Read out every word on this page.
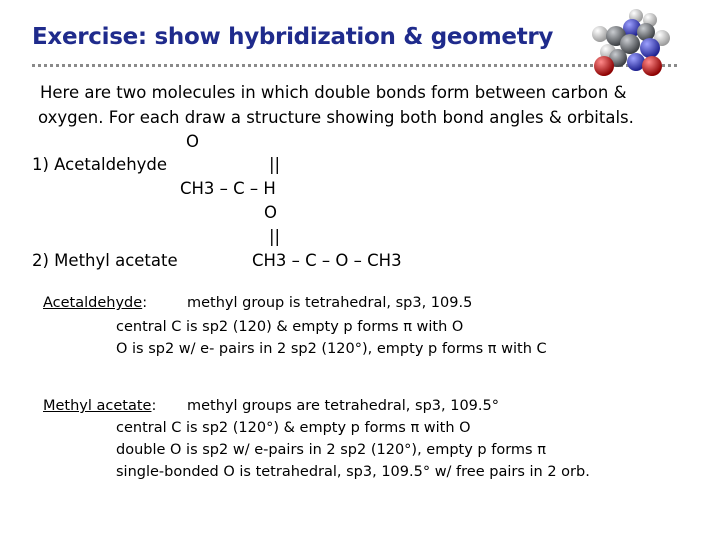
Exercise: show hybridization & geometry
Here are two molecules in which double bonds form between carbon &
oxygen. For each draw a structure showing both bond angles & orbitals.
O
1) Acetaldehyde	||
CH3 – C – H
O
||
2) Methyl acetate	CH3 – C – O – CH3
Acetaldehyde:	methyl group is tetrahedral, sp3, 109.5
central C is sp2 (120) & empty p forms π with O
O is sp2 w/ e- pairs in 2 sp2 (120°), empty p forms π with C
Methyl acetate: methyl groups are tetrahedral, sp3, 109.5°
central C is sp2 (120°) & empty p forms π with O
double O is sp2 w/ e-pairs in 2 sp2 (120°), empty p forms π
single-bonded O is tetrahedral, sp3, 109.5° w/ free pairs in 2 orb.
